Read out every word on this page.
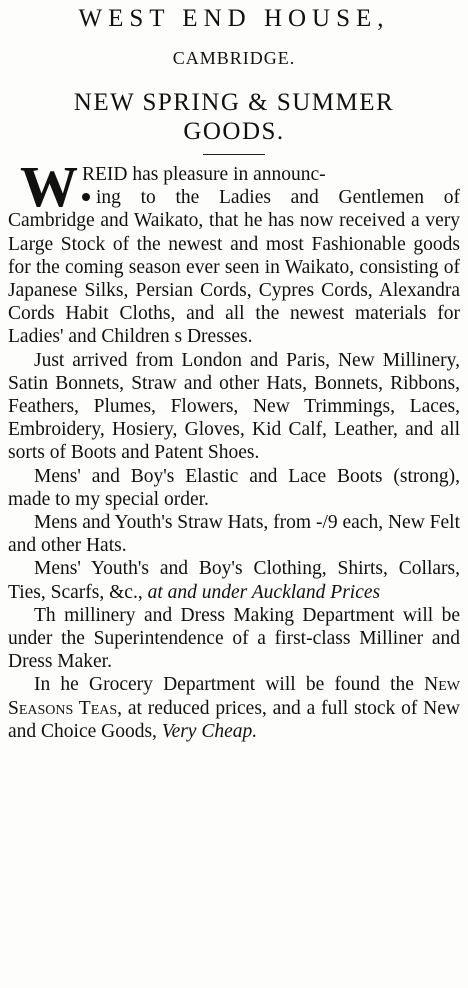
WEST END HOUSE,
CAMBRIDGE.
NEW SPRING & SUMMER
GOODS.

W REID has pleasure in announc-
ing to the Ladies and Gentlemen of Cambridge and Waikato, that he has now received a very Large Stock of the newest and most Fashionable goods for the coming season ever seen in Waikato, consisting of Japanese Silks, Persian Cords, Cypres Cords, Alexandra Cords Habit Cloths, and all the newest materials for Ladies' and Children s Dresses.

Just arrived from London and Paris, New Millinery, Satin Bonnets, Straw and other Hats, Bonnets, Ribbons, Feathers, Plumes, Flowers, New Trimmings, Laces, Embroidery, Hosiery, Gloves, Kid Calf, Leather, and all sorts of Boots and Patent Shoes.

Mens' and Boy's Elastic and Lace Boots (strong), made to my special order.

Mens and Youth's Straw Hats, from -/9 each, New Felt and other Hats.

Mens' Youth's and Boy's Clothing, Shirts, Collars, Ties, Scarfs, &c., at and under Auckland Prices

Th millinery and Dress Making Department will be under the Superintendence of a first-class Milliner and Dress Maker.

In he Grocery Department will be found the New Seasons Teas, at reduced prices, and a full stock of New and Choice Goods, Very Cheap.
